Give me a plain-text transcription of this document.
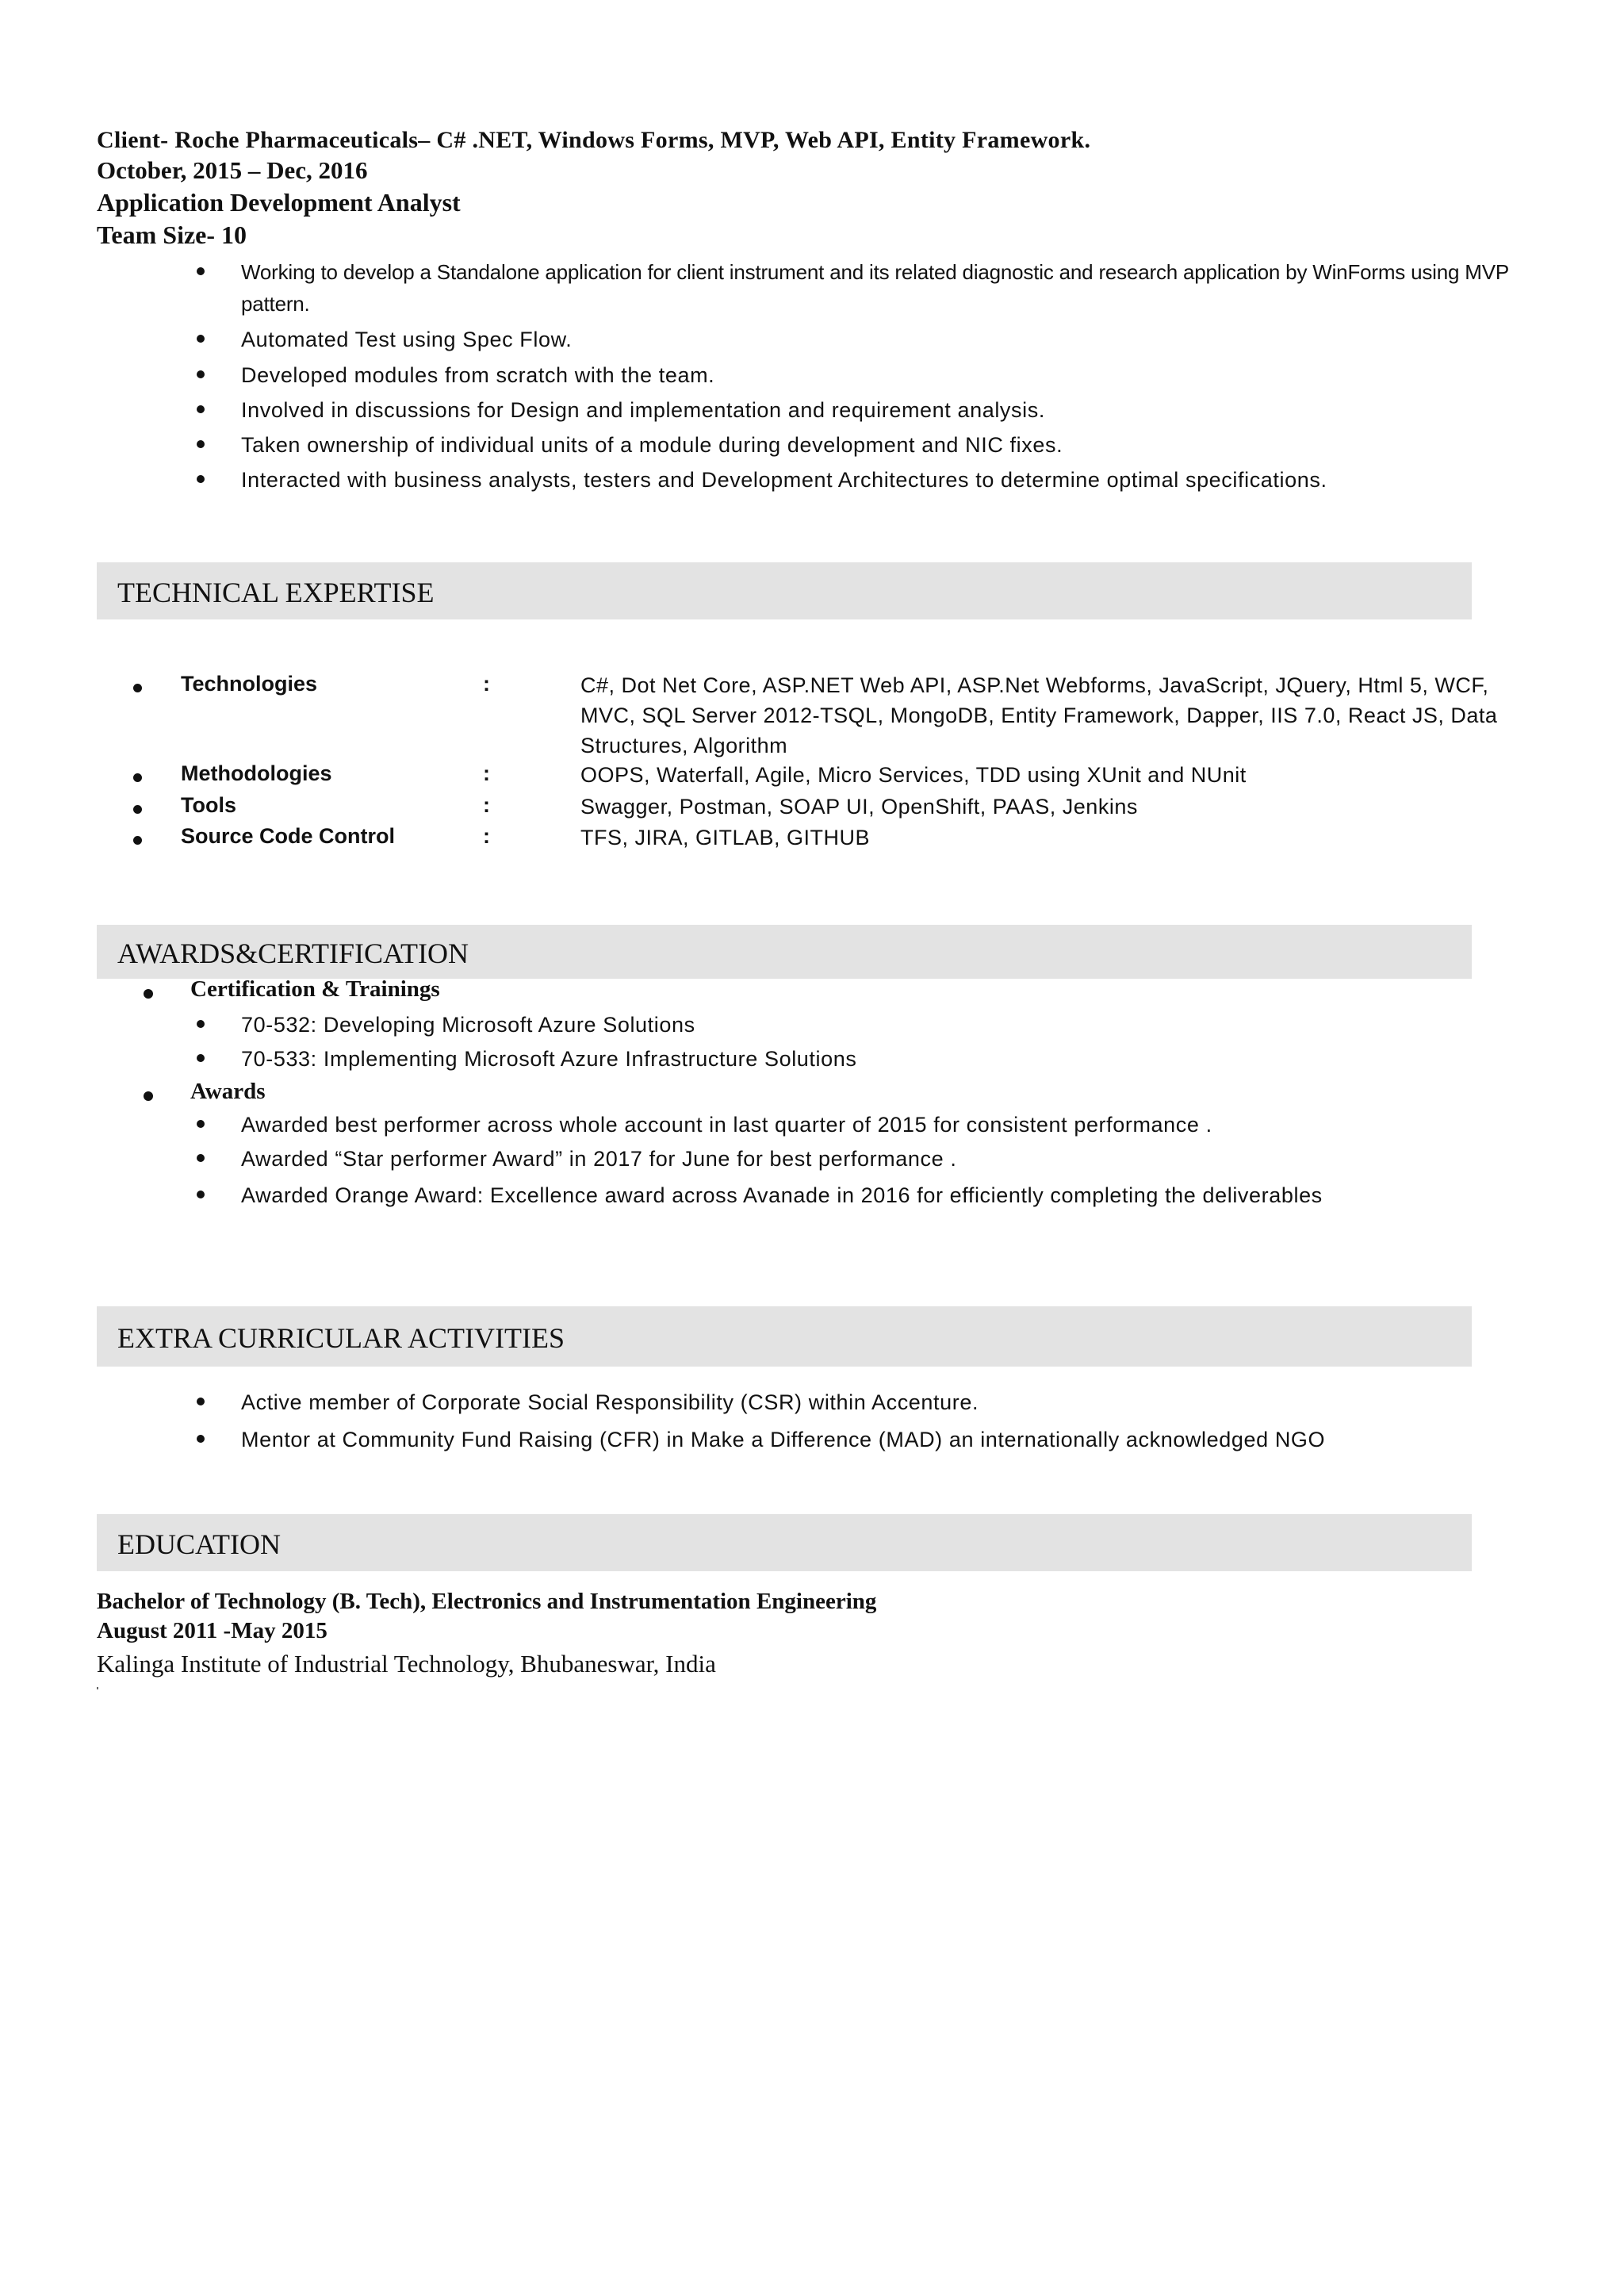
Client- Roche Pharmaceuticals– C# .NET, Windows Forms, MVP, Web API, Entity Framework.
October, 2015 – Dec, 2016
Application Development Analyst
Team Size- 10
Working to develop a Standalone application for client instrument and its related diagnostic and research application by WinForms using MVP pattern.
Automated Test using Spec Flow.
Developed modules from scratch with the team.
Involved in discussions for Design and implementation and requirement analysis.
Taken ownership of individual units of a module during development and NIC fixes.
Interacted with business analysts, testers and Development Architectures to determine optimal specifications.
TECHNICAL EXPERTISE
Technologies	:	C#, Dot Net Core, ASP.NET Web API, ASP.Net Webforms, JavaScript, JQuery, Html 5, WCF, MVC, SQL Server 2012-TSQL, MongoDB, Entity Framework, Dapper, IIS 7.0, React JS, Data Structures, Algorithm
Methodologies	:	OOPS, Waterfall, Agile, Micro Services, TDD using XUnit and NUnit
Tools	:	Swagger, Postman, SOAP UI, OpenShift, PAAS, Jenkins
Source Code Control	:	TFS, JIRA, GITLAB, GITHUB
AWARDS&CERTIFICATION
Certification & Trainings
70-532: Developing Microsoft Azure Solutions
70-533: Implementing Microsoft Azure Infrastructure Solutions
Awards
Awarded best performer across whole account in last quarter of 2015 for consistent performance .
Awarded “Star performer Award” in 2017 for June for best performance .
Awarded Orange Award: Excellence award across Avanade in 2016 for efficiently completing the deliverables
EXTRA CURRICULAR ACTIVITIES
Active member of Corporate Social Responsibility (CSR) within Accenture.
Mentor at Community Fund Raising (CFR) in Make a Difference (MAD) an internationally acknowledged NGO
EDUCATION
Bachelor of Technology (B. Tech), Electronics and Instrumentation Engineering
August 2011 -May 2015
Kalinga Institute of Industrial Technology, Bhubaneswar, India
